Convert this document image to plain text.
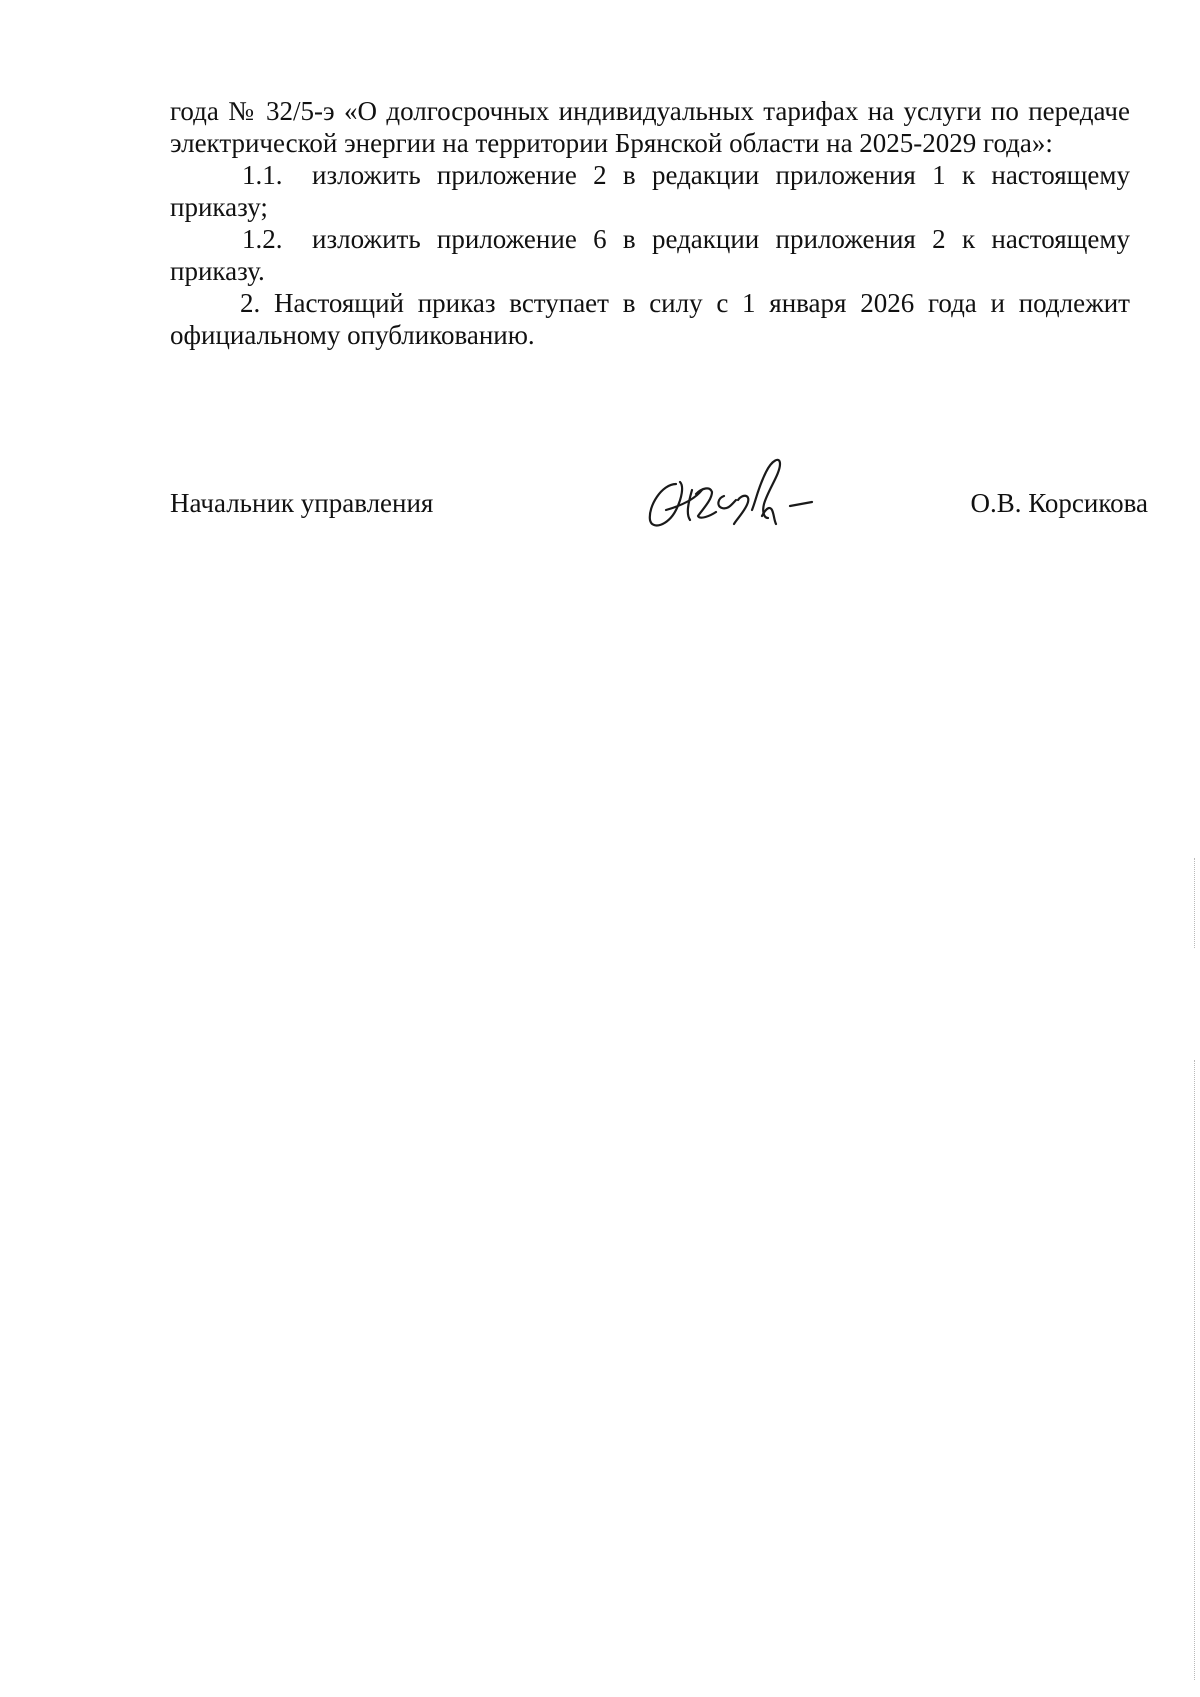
года № 32/5-э «О долгосрочных индивидуальных тарифах на услуги по передаче электрической энергии на территории Брянской области на 2025-2029 года»:

1.1. изложить приложение 2 в редакции приложения 1 к настоящему приказу;

1.2. изложить приложение 6 в редакции приложения 2 к настоящему приказу.

2. Настоящий приказ вступает в силу с 1 января 2026 года и подлежит официальному опубликованию.

Начальник управления	О.В. Корсикова
